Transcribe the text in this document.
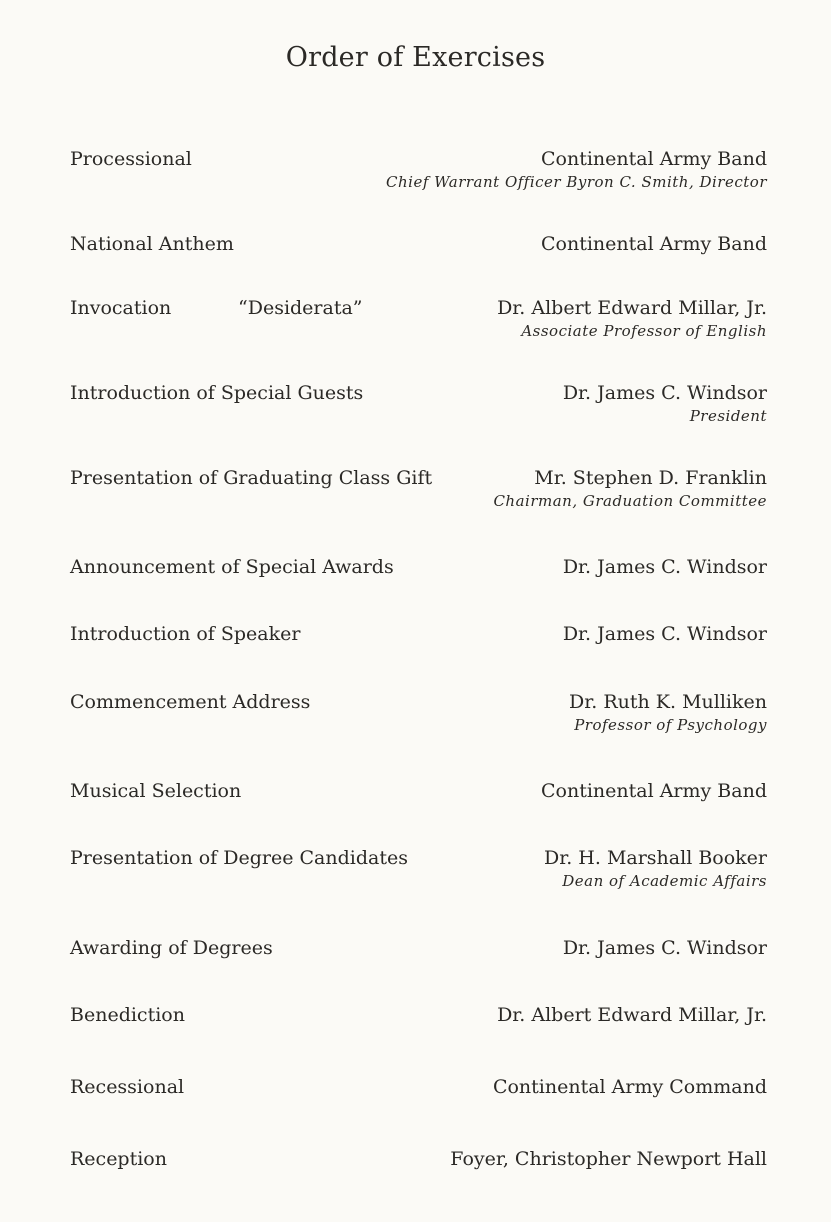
Order of Exercises
Processional	Continental Army Band
Chief Warrant Officer Byron C. Smith, Director
National Anthem	Continental Army Band
Invocation	“Desiderata”	Dr. Albert Edward Millar, Jr.
Associate Professor of English
Introduction of Special Guests	Dr. James C. Windsor
President
Presentation of Graduating Class Gift	Mr. Stephen D. Franklin
Chairman, Graduation Committee
Announcement of Special Awards	Dr. James C. Windsor
Introduction of Speaker	Dr. James C. Windsor
Commencement Address	Dr. Ruth K. Mulliken
Professor of Psychology
Musical Selection	Continental Army Band
Presentation of Degree Candidates	Dr. H. Marshall Booker
Dean of Academic Affairs
Awarding of Degrees	Dr. James C. Windsor
Benediction	Dr. Albert Edward Millar, Jr.
Recessional	Continental Army Command
Reception	Foyer, Christopher Newport Hall
